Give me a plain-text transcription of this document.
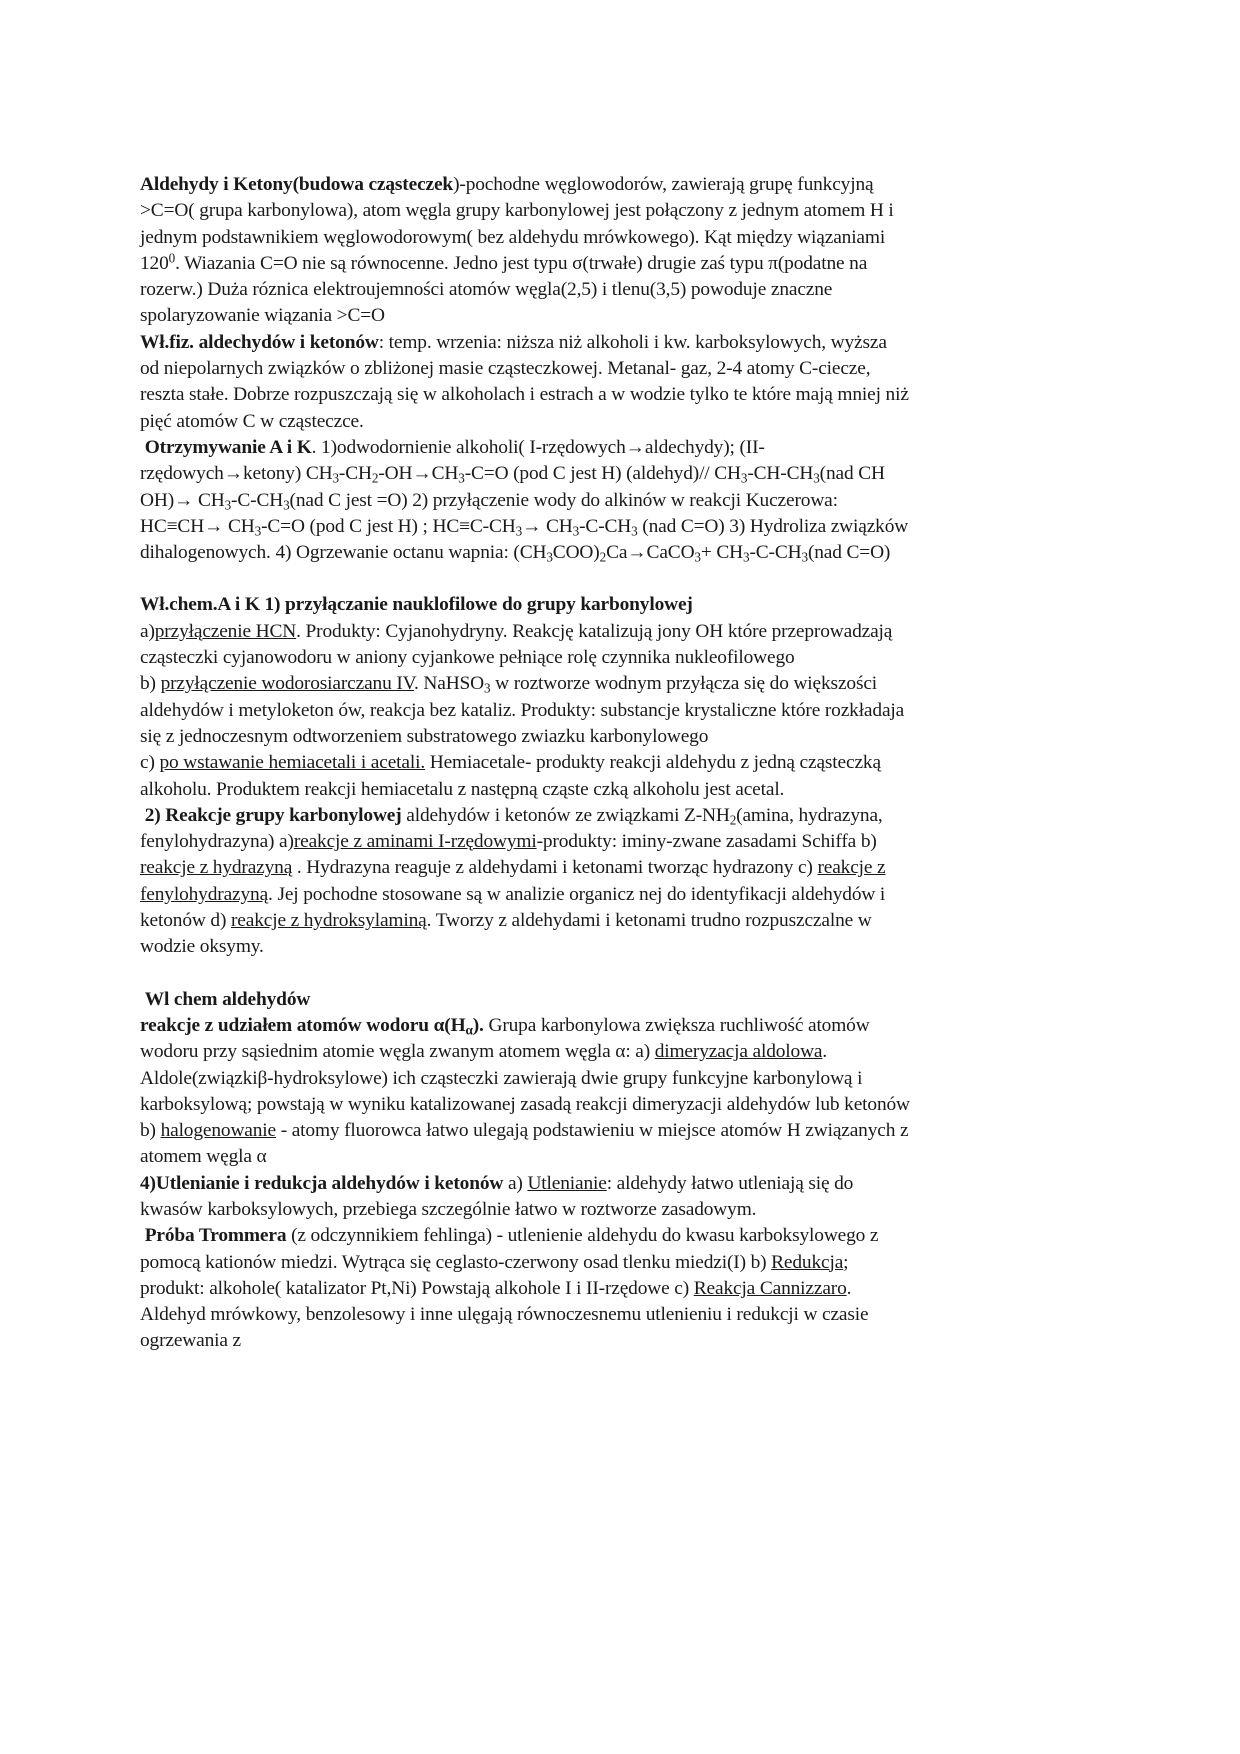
Aldehydy i Ketony(budowa cząsteczek)-pochodne węglowodorów, zawierają grupę funkcyjną >C=O( grupa karbonylowa), atom węgla grupy karbonylowej jest połączony z jednym atomem H i jednym podstawnikiem węglowodorowym( bez aldehydu mrówkowego). Kąt między wiązaniami $120^0$. Wiazania C=O nie są równocenne. Jedno jest typu σ(trwałe) drugie zaś typu π(podatne na rozerw.) Duża róznica elektroujemności atomów węgla(2,5) i tlenu(3,5) powoduje znaczne spolaryzowanie wiązania >C=O

Wł.fiz. aldechydów i ketonów: temp. wrzenia: niższa niż alkoholi i kw. karboksylowych, wyższa od niepolarnych związków o zbliżonej masie cząsteczkowej. Metanal- gaz, 2-4 atomy C-ciecze, reszta stałe. Dobrze rozpuszczają się w alkoholach i estrach a w wodzie tylko te które mają mniej niż pięć atomów C w cząsteczce.

Otrzymywanie A i K. 1)odwodornienie alkoholi( I-rzędowych→aldechydy); (II-rzędowych→ketony) $CH_3-CH_2-OH\to CH_3-C=O$ (pod C jest H) (aldehyd)// $CH_3-CH-CH_3(nad$ CH $OH)\to CH_3-C-CH_3(nad$ C jest =O) 2) przyłączenie wody do alkinów w reakcji Kuczerowa: $HC\equiv CH\to CH_3-C=O$ (pod C jest H) ; $HC\equiv C-CH_3\to CH_3-C-CH_3$ (nad C=O) 3) Hydroliza związków dihalogenowych. 4) Ogrzewanie octanu wapnia: $(CH_3COO)_2Ca\to CaCO_3+ CH_3-C-CH_3(nad$ C=O)

Wł.chem.A i K 1) przyłączanie nauklofilowe do grupy karbonylowej
a)przyłączenie HCN. Produkty: Cyjanohydryny. Reakcję katalizują jony OH które przeprowadzają cząsteczki cyjanowodoru w aniony cyjankowe pełniące rolę czynnika nukleofilowego
b) przyłączenie wodorosiarczanu IV. NaHSO$_3$ w roztworze wodnym przyłącza się do większości aldehydów i metyloketon ów, reakcja bez kataliz. Produkty: substancje krystaliczne które rozkładaja się z jednoczesnym odtworzeniem substratowego zwiazku karbonylowego
c) po wstawanie hemiacetali i acetali. Hemiacetale- produkty reakcji aldehydu z jedną cząsteczką alkoholu. Produktem reakcji hemiacetalu z następną cząste czką alkoholu jest acetal.

2) Reakcje grupy karbonylowej aldehydów i ketonów ze związkami $Z-NH_2(amina$, hydrazyna, fenylohydrazyna) a)reakcje z aminami I-rzędowymi-produkty: iminy-zwane zasadami Schiffa b) reakcje z hydrazyną . Hydrazyna reaguje z aldehydami i ketonami tworząc hydrazony c) reakcje z fenylohydrazyną. Jej pochodne stosowane są w analizie organicz nej do identyfikacji aldehydów i ketonów d) reakcje z hydroksylaminą. Tworzy z aldehydami i ketonami trudno rozpuszczalne w wodzie oksymy.

Wl chem aldehydów
reakcje z udziałem atomów wodoru $\alpha(H_\alpha)$. Grupa karbonylowa zwiększa ruchliwość atomów wodoru przy sąsiednim atomie węgla zwanym atomem węgla α: a) dimeryzacja aldolowa. Aldole(związkiβ-hydroksylowe) ich cząsteczki zawierają dwie grupy funkcyjne karbonylową i karboksylową; powstają w wyniku katalizowanej zasadą reakcji dimeryzacji aldehydów lub ketonów b) halogenowanie - atomy fluorowca łatwo ulegają podstawieniu w miejsce atomów H związanych z atomem węgla α

4)Utlenianie i redukcja aldehydów i ketonów a) Utlenianie: aldehydy łatwo utleniają się do kwasów karboksylowych, przebiega szczególnie łatwo w roztworze zasadowym.

Próba Trommera (z odczynnikiem fehlinga) - utlenienie aldehydu do kwasu karboksylowego z pomocą kationów miedzi. Wytrąca się ceglasto-czerwony osad tlenku miedzi(I) b) Redukcja; produkt: alkohole( katalizator Pt,Ni) Powstają alkohole I i II-rzędowe c) Reakcja Cannizzaro. Aldehyd mrówkowy, benzolesowy i inne ulęgają równoczesnemu utlenieniu i redukcji w czasie ogrzewania z
